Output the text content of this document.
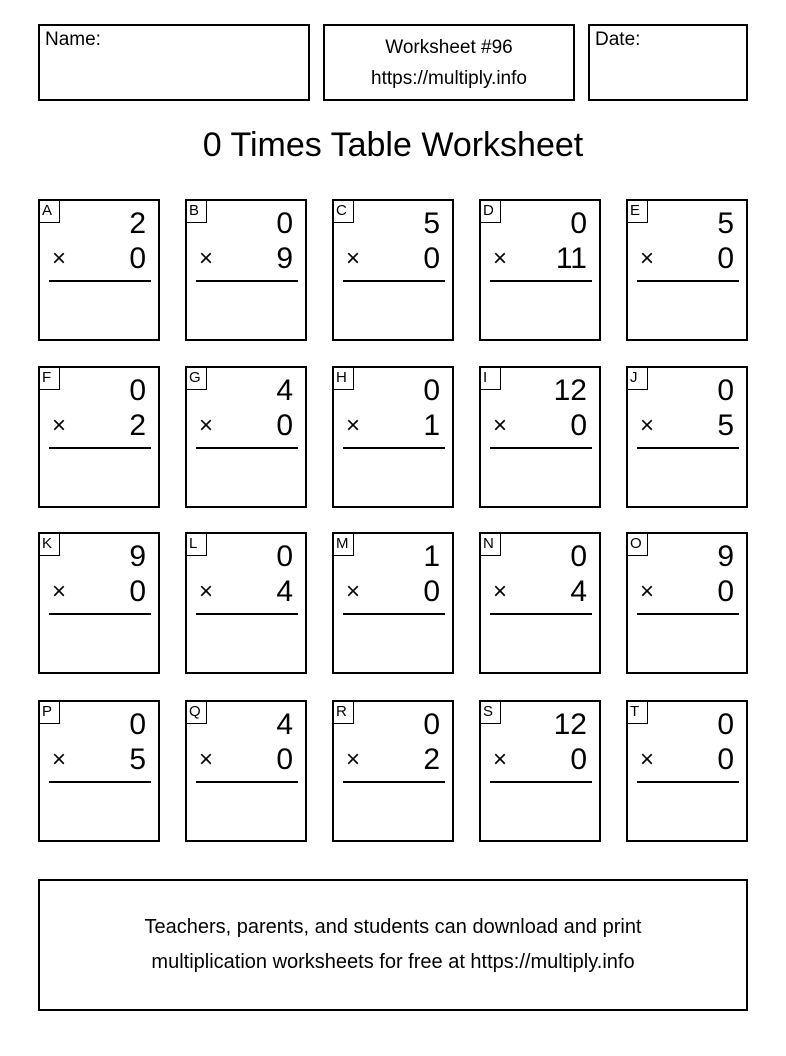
Name:	Worksheet #96
https://multiply.info
Date:
0 Times Table Worksheet
A	2
× 0
B	0
× 9
C	5
× 0
D	0
× 11
E	5
× 0
F	0
× 2
G	4
× 0
H	0
× 1
I	12
× 0
J	0
× 5
K	9
× 0
L	0
× 4
M 1
× 0
N	0
× 4
O	9
× 0
P	0
× 5
Q	4
× 0
R	0
× 2
S 12
× 0
T	0
× 0
Teachers, parents, and students can download and print
multiplication worksheets for free at https://multiply.info
